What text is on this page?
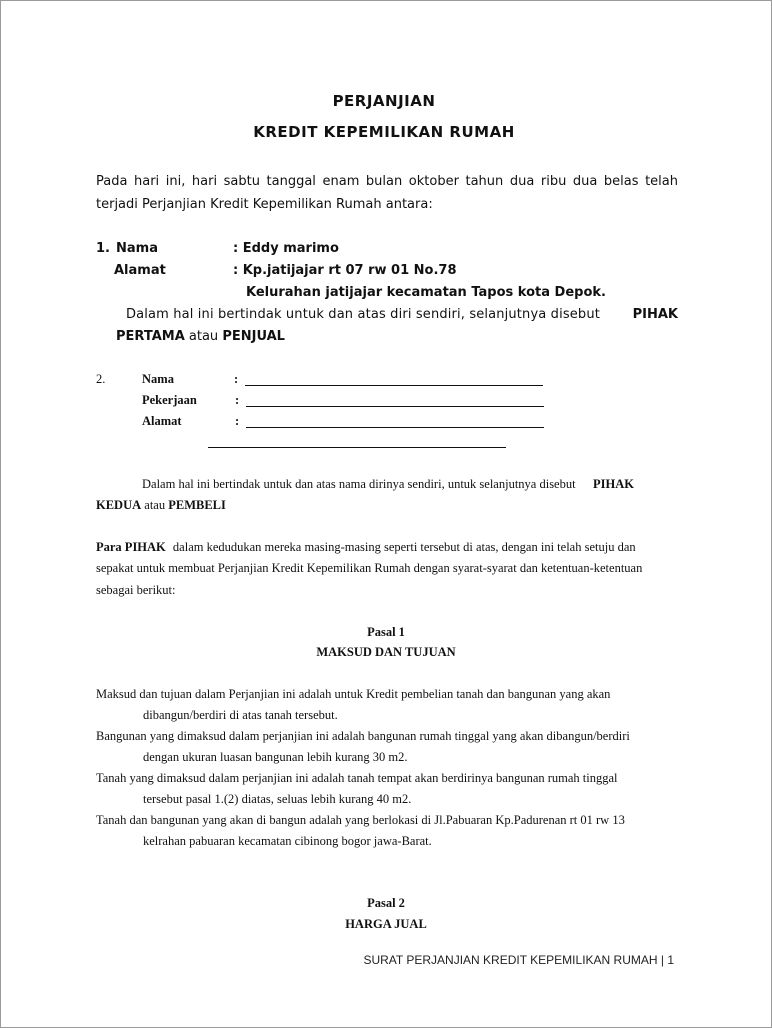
PERJANJIAN
KREDIT KEPEMILIKAN RUMAH
Pada hari ini, hari sabtu tanggal enam bulan oktober tahun dua ribu dua belas telah
terjadi Perjanjian Kredit Kepemilikan Rumah antara:
1. Nama	: Eddy marimo
Alamat	: Kp.jatijajar rt 07 rw 01 No.78
Kelurahan jatijajar kecamatan Tapos kota Depok.
Dalam hal ini bertindak untuk dan atas diri sendiri, selanjutnya disebut	PIHAK
PERTAMA atau PENJUAL
2.	Nama	:
Pekerjaan	:
Alamat	:
Dalam hal ini bertindak untuk dan atas nama dirinya sendiri, untuk selanjutnya disebut PIHAK
KEDUA atau PEMBELI
Para PIHAK dalam kedudukan mereka masing-masing seperti tersebut di atas, dengan ini telah setuju dan
sepakat untuk membuat Perjanjian Kredit Kepemilikan Rumah dengan syarat-syarat dan ketentuan-ketentuan
sebagai berikut:
Pasal 1
MAKSUD DAN TUJUAN
Maksud dan tujuan dalam Perjanjian ini adalah untuk Kredit pembelian tanah dan bangunan yang akan
dibangun/berdiri di atas tanah tersebut.
Bangunan yang dimaksud dalam perjanjian ini adalah bangunan rumah tinggal yang akan dibangun/berdiri
dengan ukuran luasan bangunan lebih kurang 30 m2.
Tanah yang dimaksud dalam perjanjian ini adalah tanah tempat akan berdirinya bangunan rumah tinggal
tersebut pasal 1.(2) diatas, seluas lebih kurang 40 m2.
Tanah dan bangunan yang akan di bangun adalah yang berlokasi di Jl.Pabuaran Kp.Padurenan rt 01 rw 13
kelrahan pabuaran kecamatan cibinong bogor jawa-Barat.
Pasal 2
HARGA JUAL
SURAT PERJANJIAN KREDIT KEPEMILIKAN RUMAH | 1
